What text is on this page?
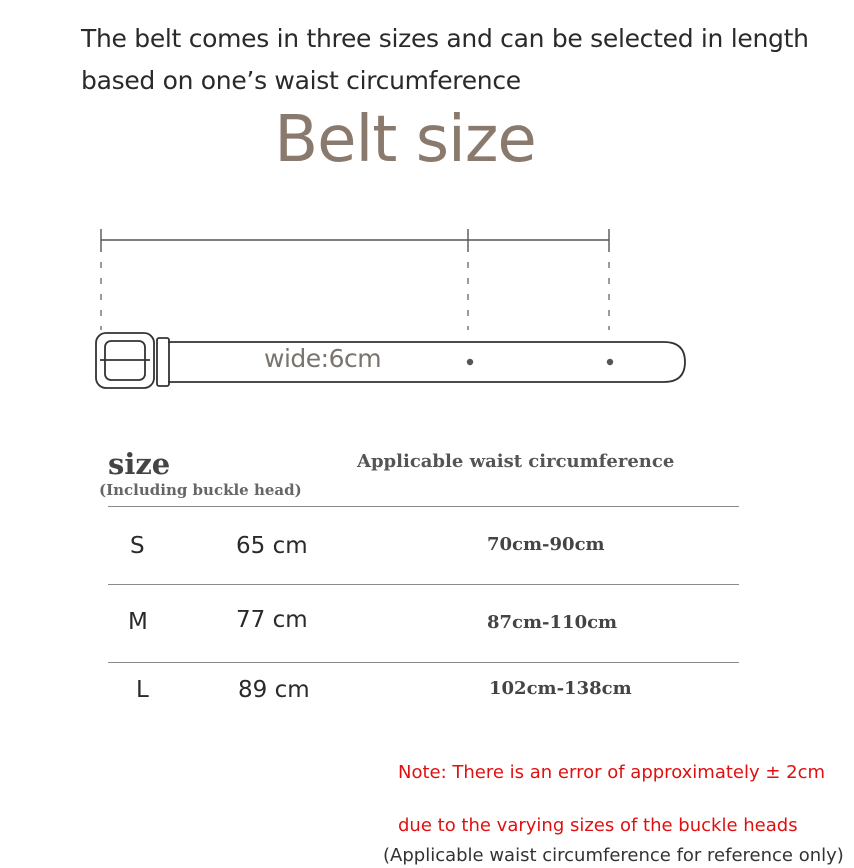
The belt comes in three sizes and can be selected in length
based on one’s waist circumference
Belt size
wide:6cm
size
(Including buckle head)
Applicable waist circumference
S	65 cm	70cm-90cm
M	77 cm	87cm-110cm
L	89 cm	102cm-138cm
Note: There is an error of approximately ± 2cm
due to the varying sizes of the buckle heads
(Applicable waist circumference for reference only)
